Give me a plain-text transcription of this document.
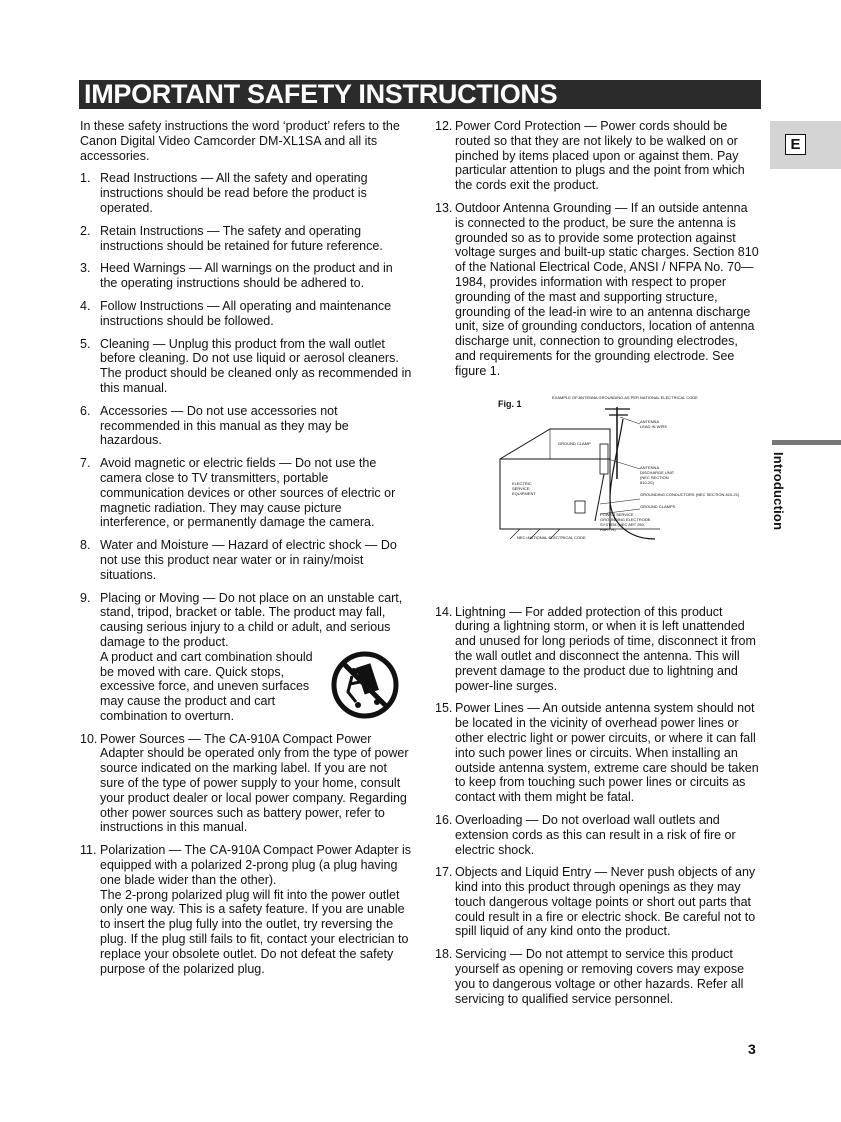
IMPORTANT SAFETY INSTRUCTIONS
E
Introduction

In these safety instructions the word ‘product’ refers to the Canon Digital Video Camcorder DM-XL1SA and all its accessories.

1. Read Instructions — All the safety and operating instructions should be read before the product is operated.
2. Retain Instructions — The safety and operating instructions should be retained for future reference.
3. Heed Warnings — All warnings on the product and in the operating instructions should be adhered to.
4. Follow Instructions — All operating and maintenance instructions should be followed.
5. Cleaning — Unplug this product from the wall outlet before cleaning. Do not use liquid or aerosol cleaners. The product should be cleaned only as recommended in this manual.
6. Accessories — Do not use accessories not recommended in this manual as they may be hazardous.
7. Avoid magnetic or electric fields — Do not use the camera close to TV transmitters, portable communication devices or other sources of electric or magnetic radiation. They may cause picture interference, or permanently damage the camera.
8. Water and Moisture — Hazard of electric shock — Do not use this product near water or in rainy/moist situations.
9. Placing or Moving — Do not place on an unstable cart, stand, tripod, bracket or table. The product may fall, causing serious injury to a child or adult, and serious damage to the product.
A product and cart combination should be moved with care. Quick stops, excessive force, and uneven surfaces may cause the product and cart combination to overturn.
10. Power Sources — The CA-910A Compact Power Adapter should be operated only from the type of power source indicated on the marking label. If you are not sure of the type of power supply to your home, consult your product dealer or local power company. Regarding other power sources such as battery power, refer to instructions in this manual.
11. Polarization — The CA-910A Compact Power Adapter is equipped with a polarized 2-prong plug (a plug having one blade wider than the other).
The 2-prong polarized plug will fit into the power outlet only one way. This is a safety feature. If you are unable to insert the plug fully into the outlet, try reversing the plug. If the plug still fails to fit, contact your electrician to replace your obsolete outlet. Do not defeat the safety purpose of the polarized plug.
12. Power Cord Protection — Power cords should be routed so that they are not likely to be walked on or pinched by items placed upon or against them. Pay particular attention to plugs and the point from which the cords exit the product.
13. Outdoor Antenna Grounding — If an outside antenna is connected to the product, be sure the antenna is grounded so as to provide some protection against voltage surges and built-up static charges. Section 810 of the National Electrical Code, ANSI / NFPA No. 70—1984, provides information with respect to proper grounding of the mast and supporting structure, grounding of the lead-in wire to an antenna discharge unit, size of grounding conductors, location of antenna discharge unit, connection to grounding electrodes, and requirements for the grounding electrode. See figure 1.
Fig. 1
EXAMPLE OF ANTENNA GROUNDING AS PER NATIONAL ELECTRICAL CODE
GROUND CLAMP
ANTENNA LEAD IN WIRE
ANTENNA DISCHARGE UNIT (NEC SECTION 810-20)
ELECTRIC SERVICE EQUIPMENT	GROUNDING CONDUCTORS (NEC SECTION 810-21)
GROUND CLAMPS
POWER SERVICE GROUNDING ELECTRODE SYSTEM (NEC ART 250, PART H)
NEC=NATIONAL ELECTRICAL CODE
14. Lightning — For added protection of this product during a lightning storm, or when it is left unattended and unused for long periods of time, disconnect it from the wall outlet and disconnect the antenna. This will prevent damage to the product due to lightning and power-line surges.
15. Power Lines — An outside antenna system should not be located in the vicinity of overhead power lines or other electric light or power circuits, or where it can fall into such power lines or circuits. When installing an outside antenna system, extreme care should be taken to keep from touching such power lines or circuits as contact with them might be fatal.
16. Overloading — Do not overload wall outlets and extension cords as this can result in a risk of fire or electric shock.
17. Objects and Liquid Entry — Never push objects of any kind into this product through openings as they may touch dangerous voltage points or short out parts that could result in a fire or electric shock. Be careful not to spill liquid of any kind onto the product.
18. Servicing — Do not attempt to service this product yourself as opening or removing covers may expose you to dangerous voltage or other hazards. Refer all servicing to qualified service personnel.
3
